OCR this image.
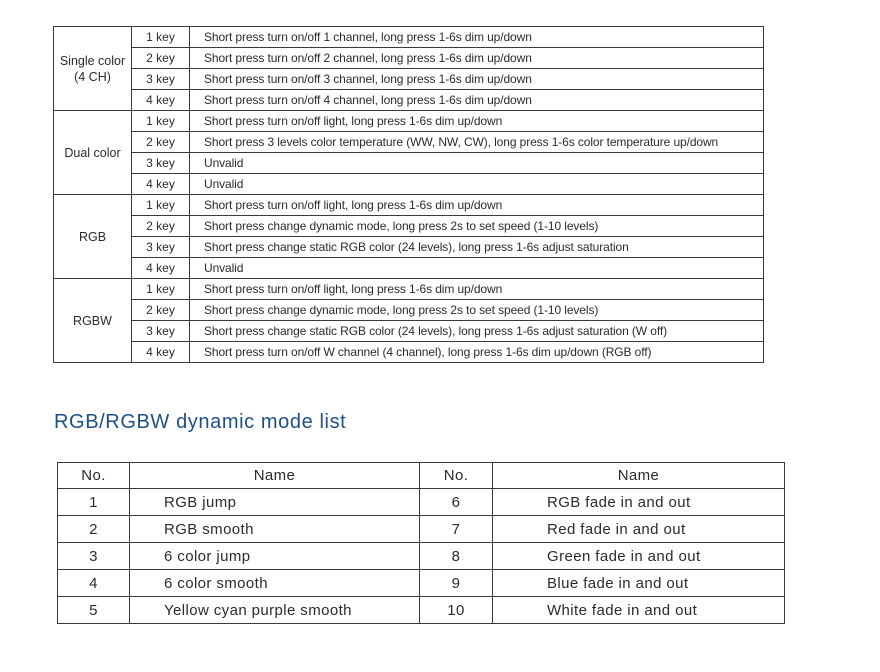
Single color
(4 CH)	1 key	Short press turn on/off 1 channel, long press 1-6s dim up/down
	2 key	Short press turn on/off 2 channel, long press 1-6s dim up/down
	3 key	Short press turn on/off 3 channel, long press 1-6s dim up/down
	4 key	Short press turn on/off 4 channel, long press 1-6s dim up/down
Dual color	1 key	Short press turn on/off light, long press 1-6s dim up/down
	2 key	Short press 3 levels color temperature (WW, NW, CW), long press 1-6s color temperature up/down
	3 key	Unvalid
	4 key	Unvalid
RGB	1 key	Short press turn on/off light, long press 1-6s dim up/down
	2 key	Short press change dynamic mode, long press 2s to set speed (1-10 levels)
	3 key	Short press change static RGB color (24 levels), long press 1-6s adjust saturation
	4 key	Unvalid
RGBW	1 key	Short press turn on/off light, long press 1-6s dim up/down
	2 key	Short press change dynamic mode, long press 2s to set speed (1-10 levels)
	3 key	Short press change static RGB color (24 levels), long press 1-6s adjust saturation (W off)
	4 key	Short press turn on/off W channel (4 channel), long press 1-6s dim up/down (RGB off)
RGB/RGBW dynamic mode list
No.	Name	No.	Name
1	RGB jump	6	RGB fade in and out
2	RGB smooth	7	Red fade in and out
3	6 color jump	8	Green fade in and out
4	6 color smooth	9	Blue fade in and out
5	Yellow cyan purple smooth	10	White fade in and out
